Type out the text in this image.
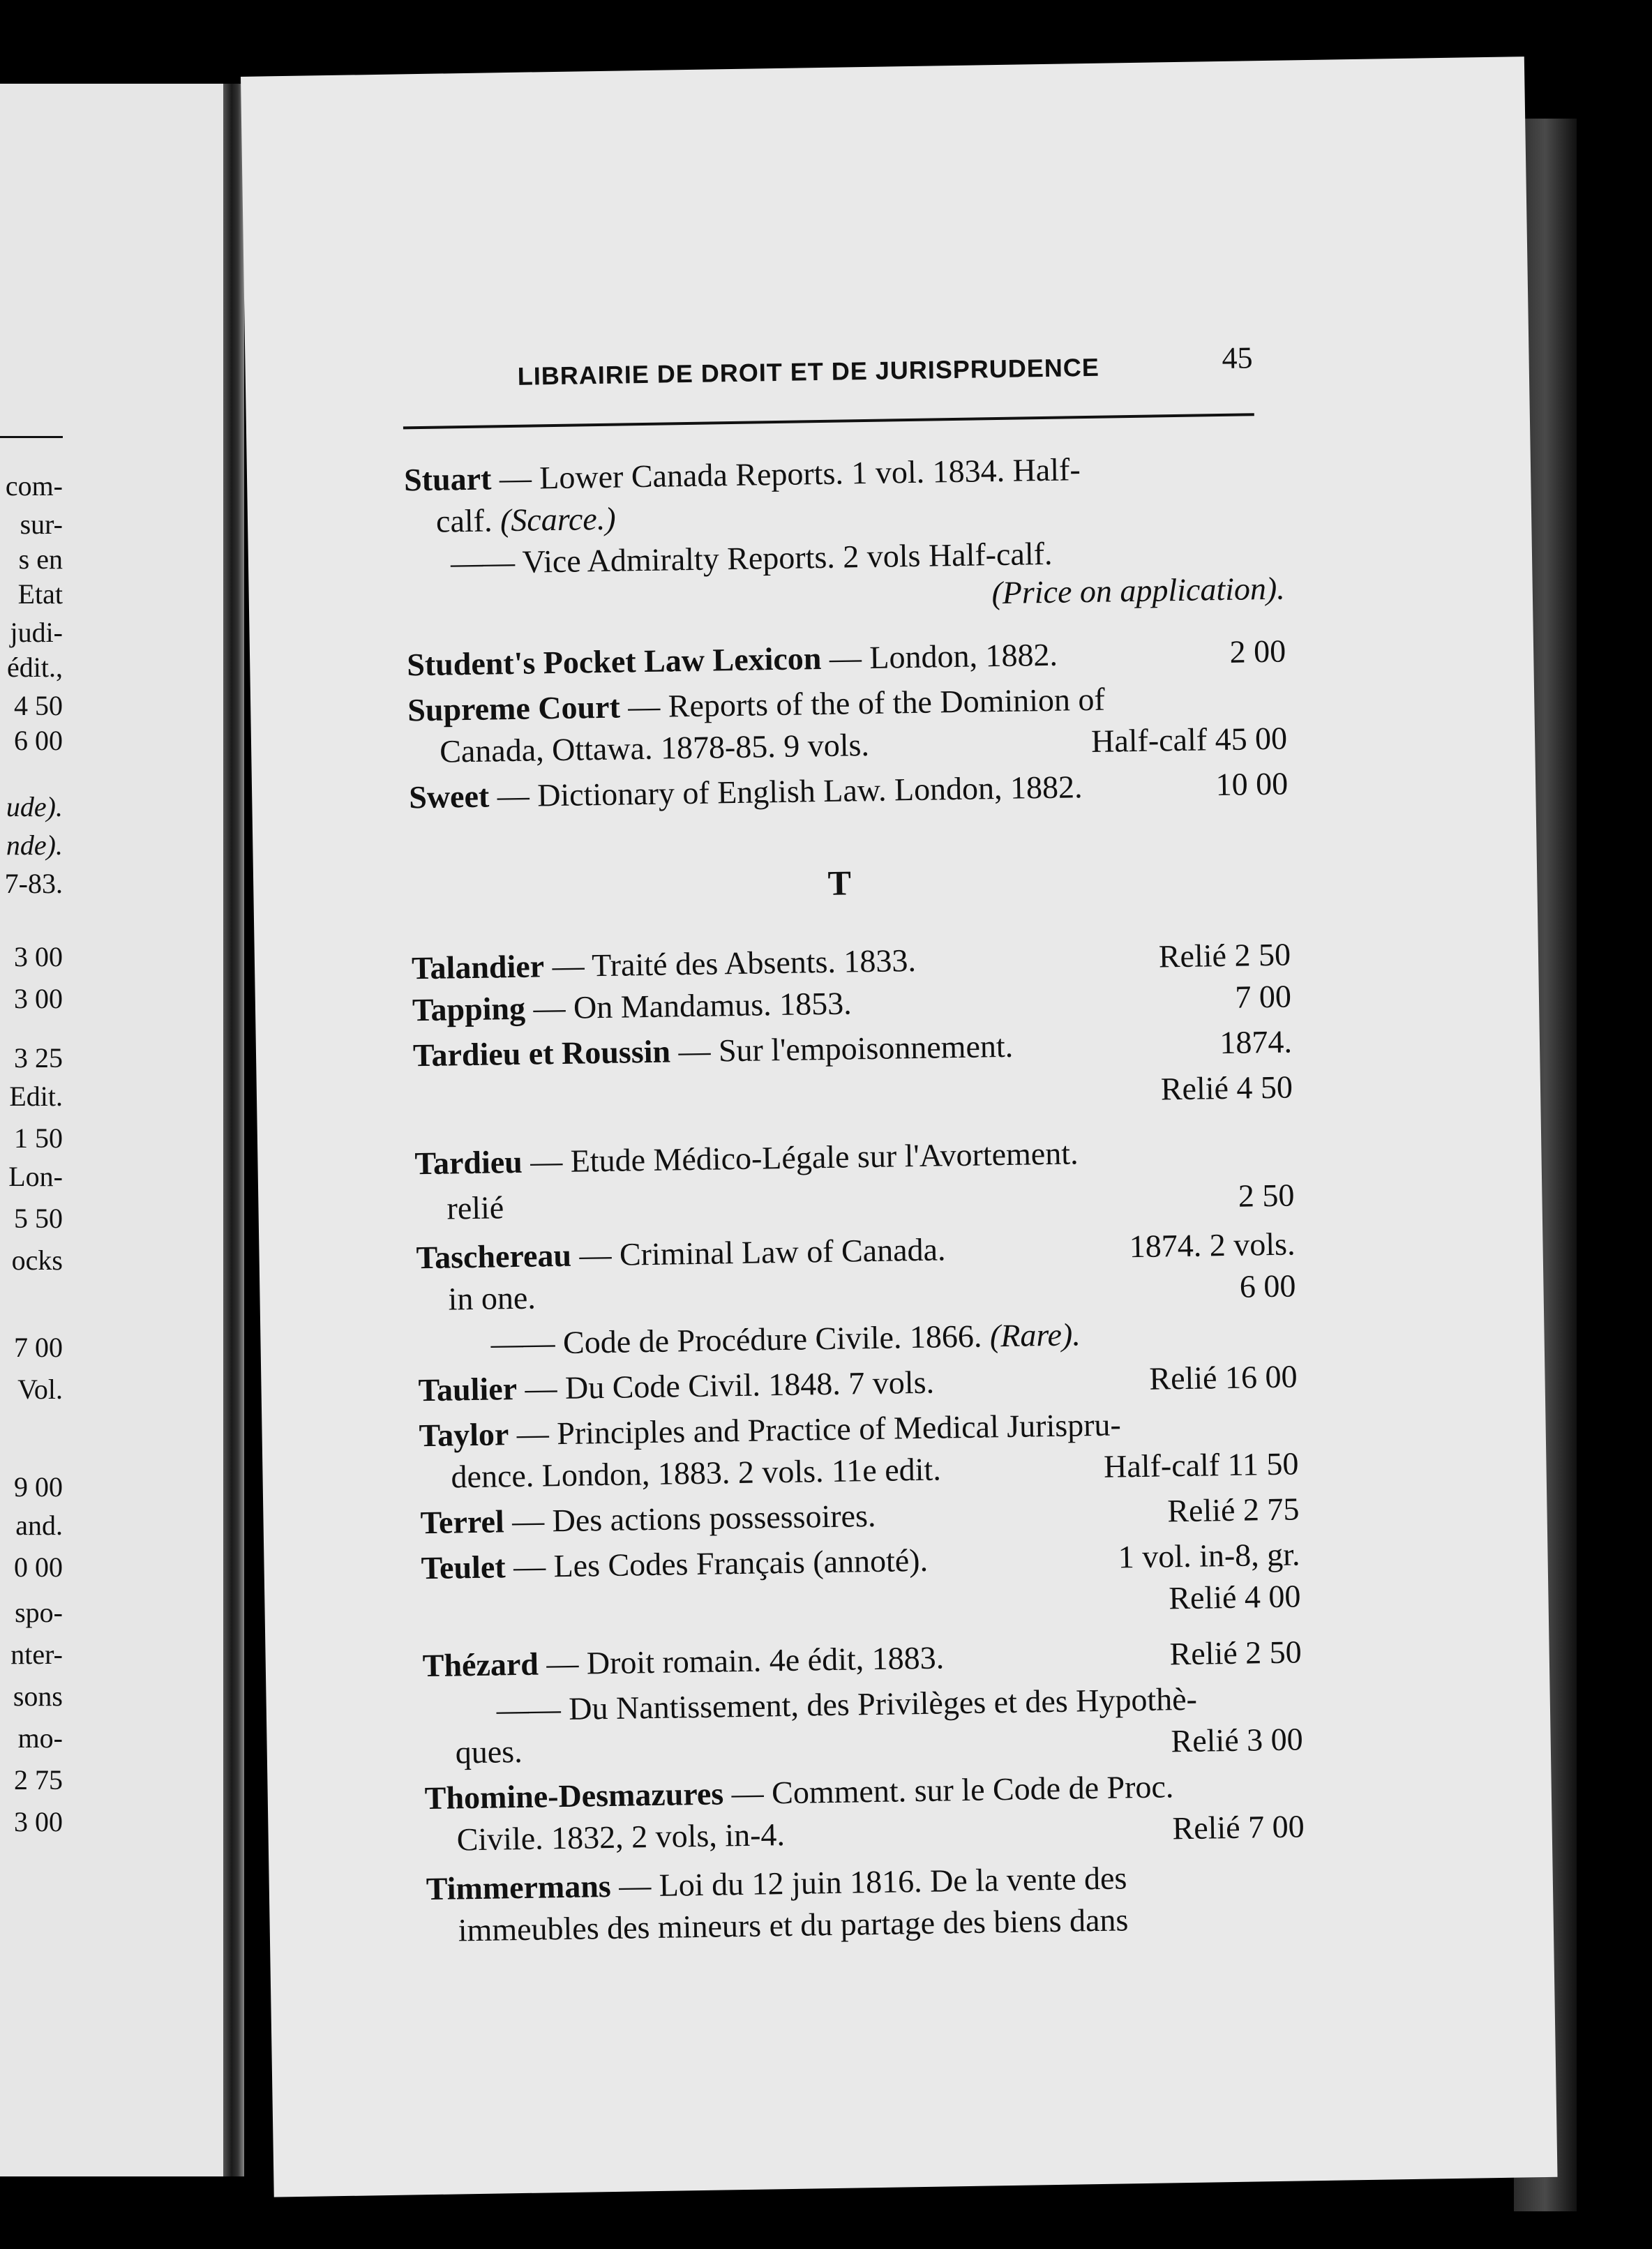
com-
sur-
s en
Etat
judi-
édit.,
4 50
6 00
ude).
nde).
7-83.
3 00
3 00
3 25
Edit.
1 50
Lon-
5 50
ocks
7 00
Vol.
9 00
and.
0 00
spo-
nter-
sons
mo-
2 75
3 00
LIBRAIRIE DE DROIT ET DE JURISPRUDENCE	45
Stuart — Lower Canada Reports. 1 vol. 1834. Half-
calf. (Scarce.)
—— Vice Admiralty Reports. 2 vols Half-calf.
(Price on application).
Student's Pocket Law Lexicon — London, 1882.	2 00
Supreme Court — Reports of the of the Dominion of
Canada, Ottawa. 1878-85. 9 vols.	Half-calf 45 00
Sweet — Dictionary of English Law. London, 1882.	10 00
T
Talandier — Traité des Absents. 1833.	Relié 2 50
Tapping — On Mandamus. 1853.	7 00
Tardieu et Roussin — Sur l'empoisonnement.	1874.
Relié 4 50
Tardieu — Etude Médico-Légale sur l'Avortement.
relié	2 50
Taschereau — Criminal Law of Canada.	1874. 2 vols.
in one.	6 00
—— Code de Procédure Civile. 1866. (Rare).
Taulier — Du Code Civil. 1848. 7 vols.	Relié 16 00
Taylor — Principles and Practice of Medical Jurispru-
dence. London, 1883. 2 vols. 11e edit.	Half-calf 11 50
Terrel — Des actions possessoires.	Relié 2 75
Teulet — Les Codes Français (annoté).	1 vol. in-8, gr.
Relié 4 00
Thézard — Droit romain. 4e édit, 1883.	Relié 2 50
—— Du Nantissement, des Privilèges et des Hypothè-
ques.	Relié 3 00
Thomine-Desmazures — Comment. sur le Code de Proc.
Civile. 1832, 2 vols, in-4.	Relié 7 00
Timmermans — Loi du 12 juin 1816. De la vente des
immeubles des mineurs et du partage des biens dans
